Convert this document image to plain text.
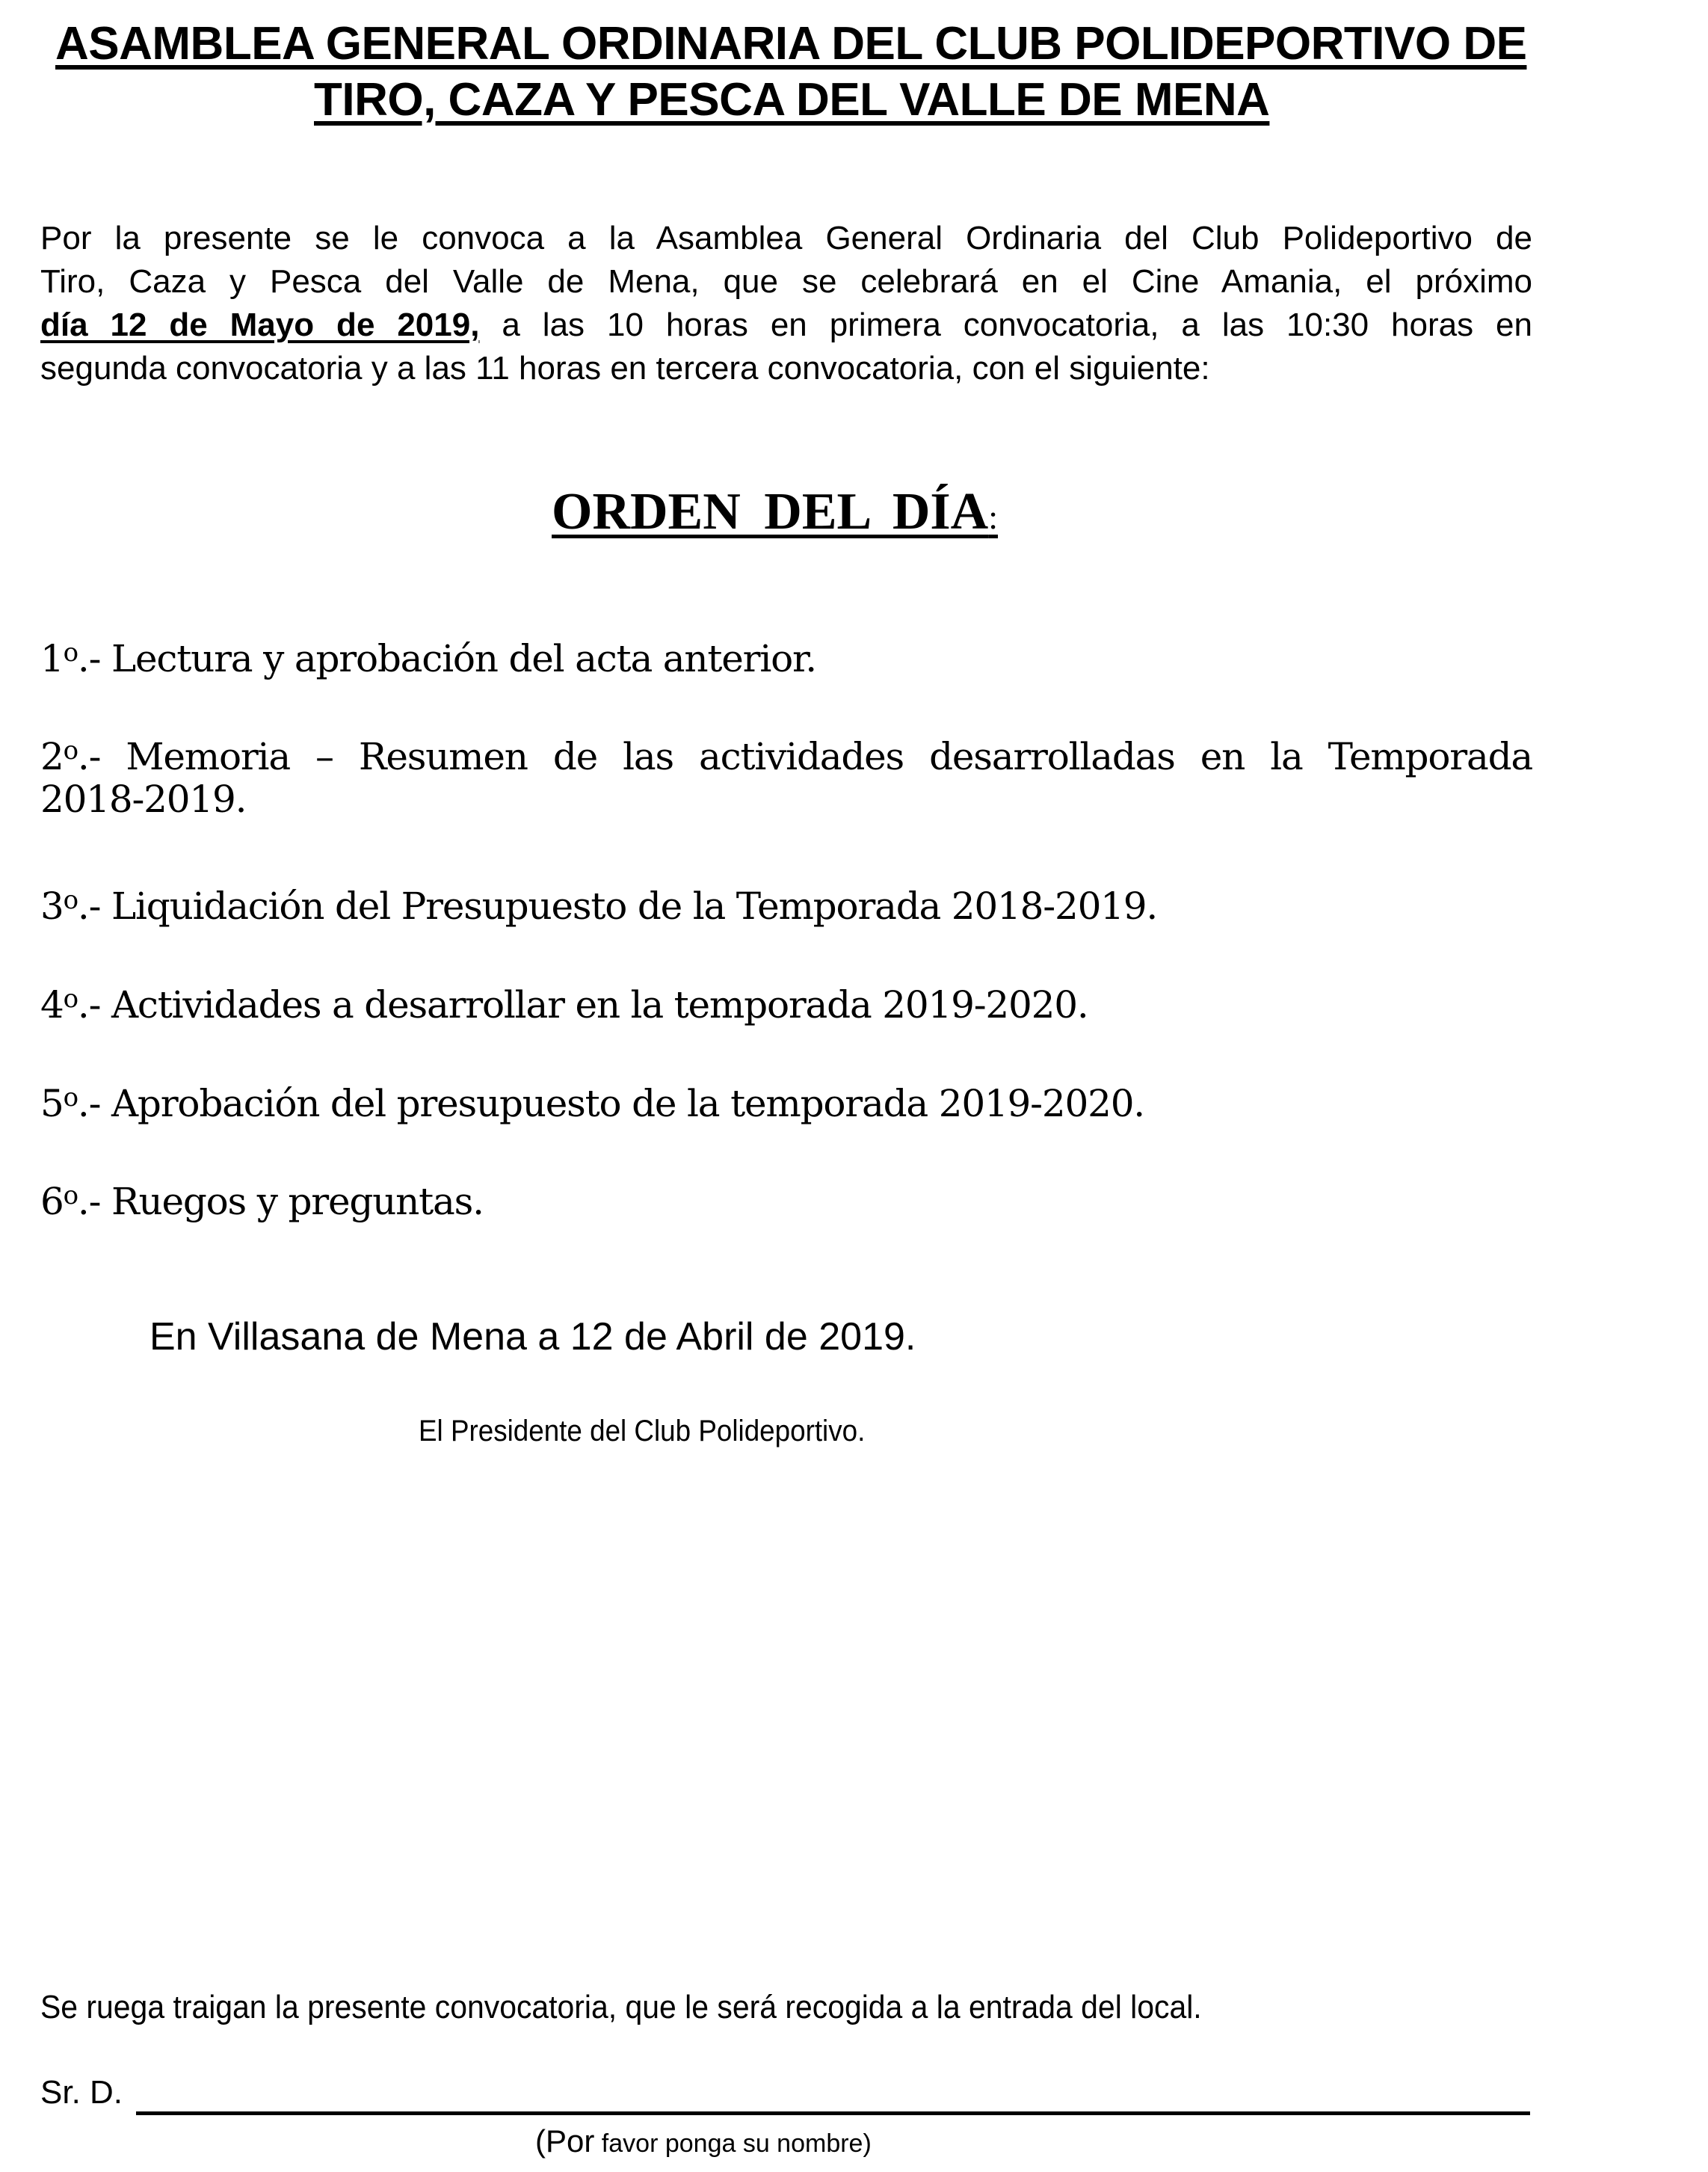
ASAMBLEA GENERAL ORDINARIA DEL CLUB POLIDEPORTIVO DE
TIRO, CAZA Y PESCA DEL VALLE DE MENA
Por la presente se le convoca a la Asamblea General Ordinaria del Club Polideportivo de
Tiro, Caza y Pesca del Valle de Mena, que se celebrará en el Cine Amania, el próximo
día 12 de Mayo de 2019, a las 10 horas en primera convocatoria, a las 10:30 horas en
segunda convocatoria y a las 11 horas en tercera convocatoria, con el siguiente:
ORDEN DEL DÍA:
1$^o$.- Lectura y aprobación del acta anterior.
2$^o$.- Memoria – Resumen de las actividades desarrolladas en la Temporada
2018-2019.
3$^o$.- Liquidación del Presupuesto de la Temporada 2018-2019.
4$^o$.- Actividades a desarrollar en la temporada 2019-2020.
5$^o$.- Aprobación del presupuesto de la temporada 2019-2020.
6$^o$.- Ruegos y preguntas.
En Villasana de Mena a 12 de Abril de 2019.
El Presidente del Club Polideportivo.
Se ruega traigan la presente convocatoria, que le será recogida a la entrada del local.
Sr. D.
(Por favor ponga su nombre)
